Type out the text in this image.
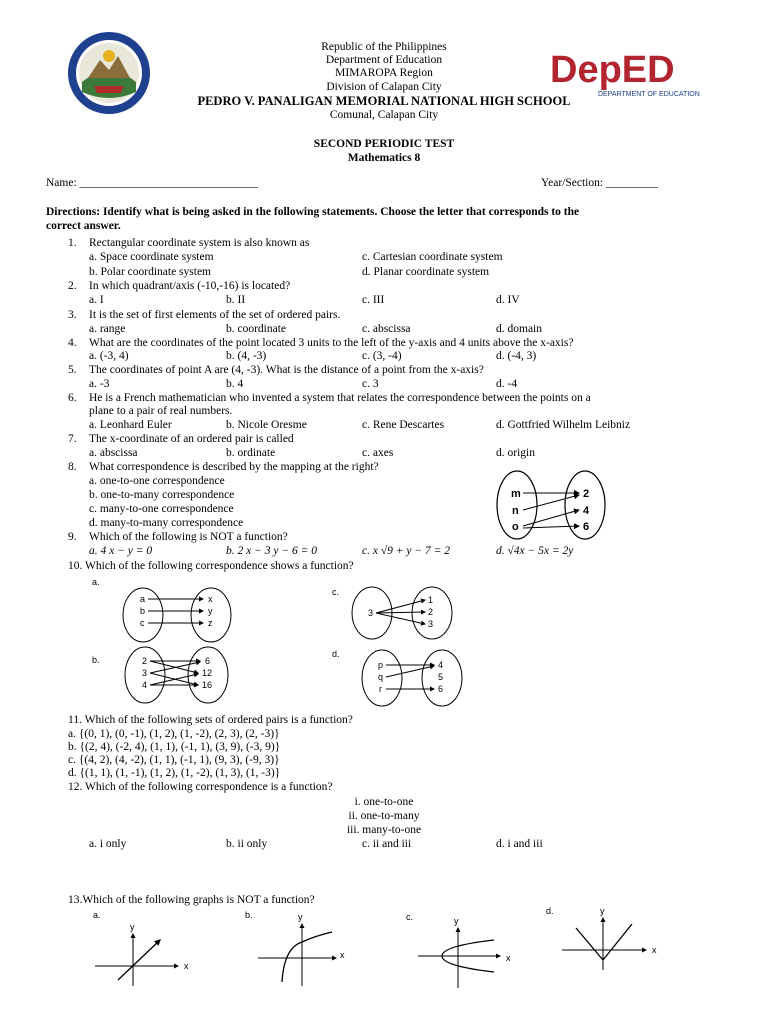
DepED
DEPARTMENT OF EDUCATION
Republic of the Philippines
Department of Education
MIMAROPA Region
Division of Calapan City
PEDRO V. PANALIGAN MEMORIAL NATIONAL HIGH SCHOOL
Comunal, Calapan City
SECOND PERIODIC TEST
Mathematics 8
Name: _______________________________	Year/Section: _________
Directions: Identify what is being asked in the following statements. Choose the letter that corresponds to the
correct answer.
1. Rectangular coordinate system is also known as
a. Space coordinate system	c. Cartesian coordinate system
b. Polar coordinate system	d. Planar coordinate system
2. In which quadrant/axis (-10,-16) is located?
a. I	b. II	c. III	d. IV
3. It is the set of first elements of the set of ordered pairs.
a. range	b. coordinate	c. abscissa	d. domain
4. What are the coordinates of the point located 3 units to the left of the y-axis and 4 units above the x-axis?
a. (-3, 4)	b. (4, -3)	c. (3, -4)	d. (-4, 3)
5. The coordinates of point A are (4, -3). What is the distance of a point from the x-axis?
a. -3	b. 4	c. 3	d. -4
6. He is a French mathematician who invented a system that relates the correspondence between the points on a
plane to a pair of real numbers.
a. Leonhard Euler	b. Nicole Oresme	c. Rene Descartes	d. Gottfried Wilhelm Leibniz
7. The x-coordinate of an ordered pair is called
a. abscissa	b. ordinate	c. axes	d. origin
8. What correspondence is described by the mapping at the right?
a. one-to-one correspondence
b. one-to-many correspondence
c. many-to-one correspondence
d. many-to-many correspondence
m
n
o
2
4
6
9. Which of the following is NOT a function?
a. 4 x − y = 0	b. 2 x − 3 y − 6 = 0	c. x √9 + y − 7 = 2	d. √4x − 5x = 2y
10. Which of the following correspondence shows a function?
a.
a
b
c
x
y
z
c.
3
1
2
3
b.	2
3
4
6
12
16
d.
p
q
r
4
5
6
11. Which of the following sets of ordered pairs is a function?
a. {(0, 1), (0, -1), (1, 2), (1, -2), (2, 3), (2, -3)}
b. {(2, 4), (-2, 4), (1, 1), (-1, 1), (3, 9), (-3, 9)}
c. {(4, 2), (4, -2), (1, 1), (-1, 1), (9, 3), (-9, 3)}
d. {(1, 1), (1, -1), (1, 2), (1, -2), (1, 3), (1, -3)}
12. Which of the following correspondence is a function?
i. one-to-one
ii. one-to-many
iii. many-to-one
a. i only	b. ii only	c. ii and iii	d. i and iii
13.Which of the following graphs is NOT a function?
a.
y
x
b.	y
x
c.	y
x
d.	y
x
